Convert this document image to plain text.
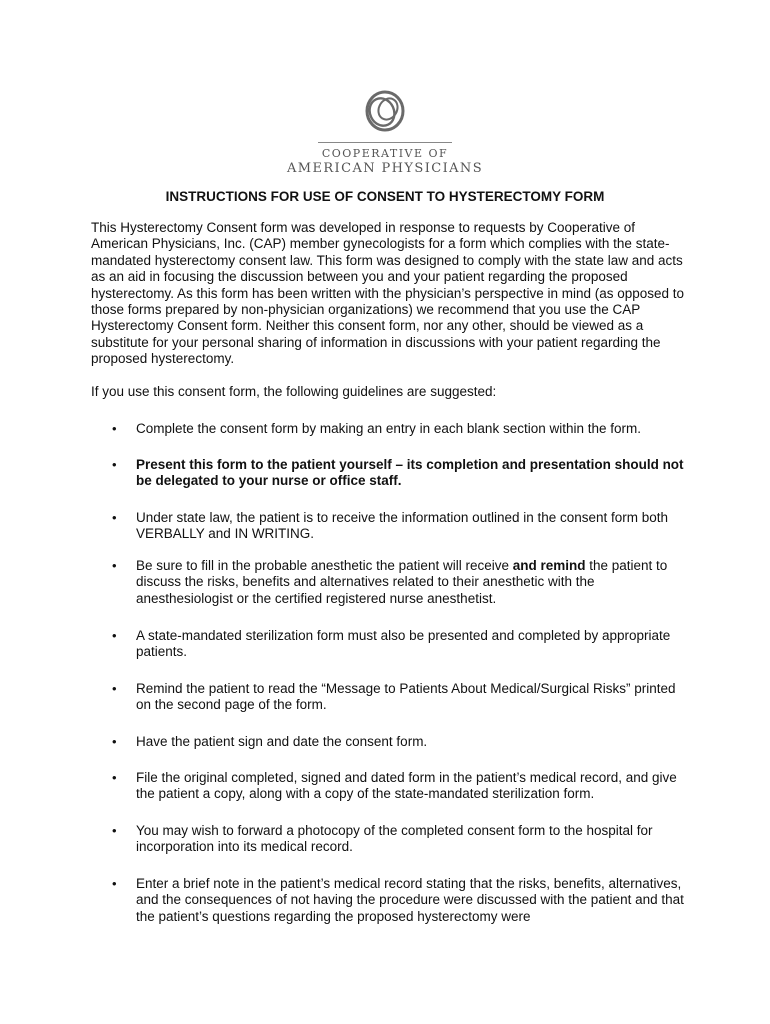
COOPERATIVE OF
AMERICAN PHYSICIANS
INSTRUCTIONS FOR USE OF CONSENT TO HYSTERECTOMY FORM

This Hysterectomy Consent form was developed in response to requests by Cooperative of American Physicians, Inc. (CAP) member gynecologists for a form which complies with the state-mandated hysterectomy consent law. This form was designed to comply with the state law and acts as an aid in focusing the discussion between you and your patient regarding the proposed hysterectomy. As this form has been written with the physician’s perspective in mind (as opposed to those forms prepared by non-physician organizations) we recommend that you use the CAP Hysterectomy Consent form. Neither this consent form, nor any other, should be viewed as a substitute for your personal sharing of information in discussions with your patient regarding the proposed hysterectomy.

If you use this consent form, the following guidelines are suggested:

• Complete the consent form by making an entry in each blank section within the form.
• Present this form to the patient yourself – its completion and presentation should not be delegated to your nurse or office staff.
• Under state law, the patient is to receive the information outlined in the consent form both VERBALLY and IN WRITING.
• Be sure to fill in the probable anesthetic the patient will receive and remind the patient to discuss the risks, benefits and alternatives related to their anesthetic with the anesthesiologist or the certified registered nurse anesthetist.
• A state-mandated sterilization form must also be presented and completed by appropriate patients.
• Remind the patient to read the “Message to Patients About Medical/Surgical Risks” printed on the second page of the form.
• Have the patient sign and date the consent form.
• File the original completed, signed and dated form in the patient’s medical record, and give the patient a copy, along with a copy of the state-mandated sterilization form.
• You may wish to forward a photocopy of the completed consent form to the hospital for incorporation into its medical record.
• Enter a brief note in the patient’s medical record stating that the risks, benefits, alternatives, and the consequences of not having the procedure were discussed with the patient and that the patient’s questions regarding the proposed hysterectomy were
